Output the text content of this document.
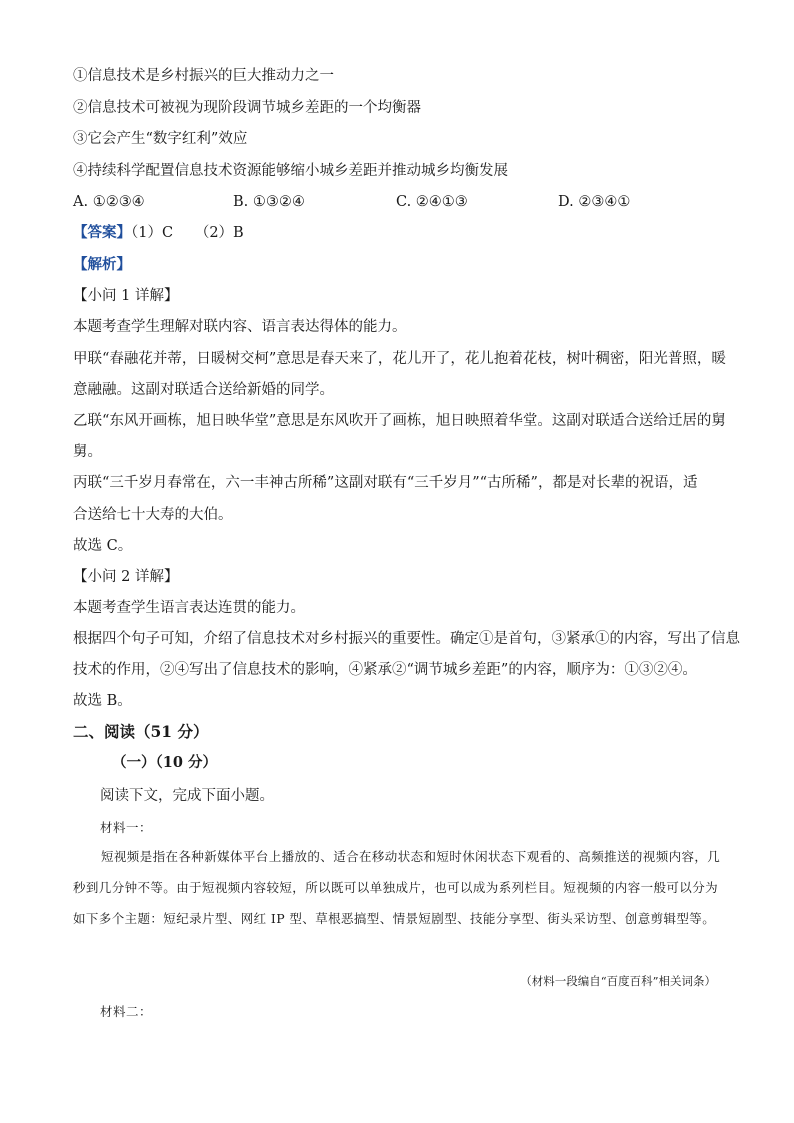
①信息技术是乡村振兴的巨大推动力之一
②信息技术可被视为现阶段调节城乡差距的一个均衡器
③它会产生“数字红利”效应
④持续科学配置信息技术资源能够缩小城乡差距并推动城乡均衡发展
A. ①②③④	B. ①③②④	C. ②④①③	D. ②③④①
【答案】（1）C　　（2）B
【解析】
【小问 1 详解】
本题考查学生理解对联内容、语言表达得体的能力。
甲联“春融花并蒂，日暖树交柯”意思是春天来了，花儿开了，花儿抱着花枝，树叶稠密，阳光普照，暖
意融融。这副对联适合送给新婚的同学。
乙联“东风开画栋，旭日映华堂”意思是东风吹开了画栋，旭日映照着华堂。这副对联适合送给迁居的舅
舅。
丙联“三千岁月春常在，六一丰神古所稀”这副对联有“三千岁月”“古所稀”，都是对长辈的祝语，适
合送给七十大寿的大伯。
故选 C。
【小问 2 详解】
本题考查学生语言表达连贯的能力。
根据四个句子可知，介绍了信息技术对乡村振兴的重要性。确定①是首句，③紧承①的内容，写出了信息
技术的作用，②④写出了信息技术的影响，④紧承②“调节城乡差距”的内容，顺序为：①③②④。
故选 B。
二、阅读（51 分）
（一）（10 分）
阅读下文，完成下面小题。
材料一：
短视频是指在各种新媒体平台上播放的、适合在移动状态和短时休闲状态下观看的、高频推送的视频内容，几秒到几分钟不等。由于短视频内容较短，所以既可以单独成片，也可以成为系列栏目。短视频的内容一般可以分为如下多个主题：短纪录片型、网红 IP 型、草根恶搞型、情景短剧型、技能分享型、街头采访型、创意剪辑型等。
（材料一段编自“百度百科”相关词条）
材料二：
